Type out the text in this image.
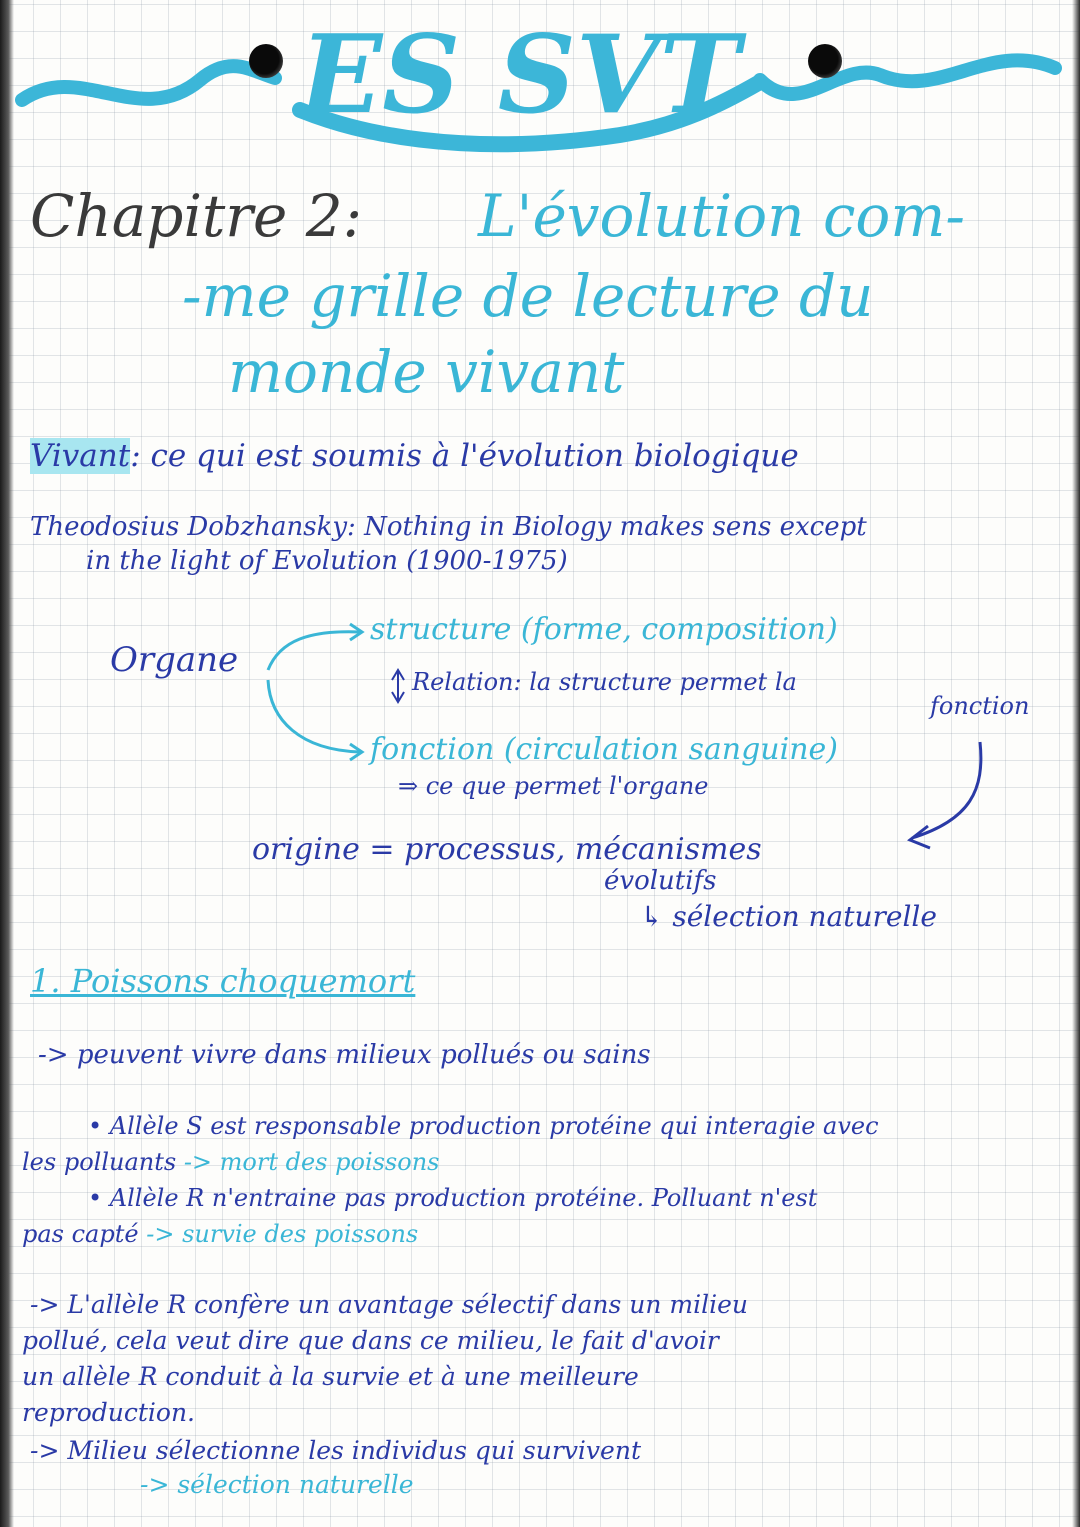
ES SVT

Chapitre 2: L'évolution com-

-me grille de lecture du

monde vivant

Vivant: ce qui est soumis à l'évolution biologique

Theodosius Dobzhansky: Nothing in Biology makes sens except

in the light of Evolution (1900-1975)

Organe

structure (forme, composition)

Relation: la structure permet la

fonction

fonction (circulation sanguine)

⇒ ce que permet l'organe

origine = processus, mécanismes

évolutifs

↳ sélection naturelle

1. Poissons choquemort

-> peuvent vivre dans milieux pollués ou sains

• Allèle S est responsable production protéine qui interagie avec

les polluants -> mort des poissons

• Allèle R n'entraine pas production protéine. Polluant n'est

pas capté -> survie des poissons

-> L'allèle R confère un avantage sélectif dans un milieu

pollué, cela veut dire que dans ce milieu, le fait d'avoir

un allèle R conduit à la survie et à une meilleure

reproduction.

-> Milieu sélectionne les individus qui survivent

-> sélection naturelle
